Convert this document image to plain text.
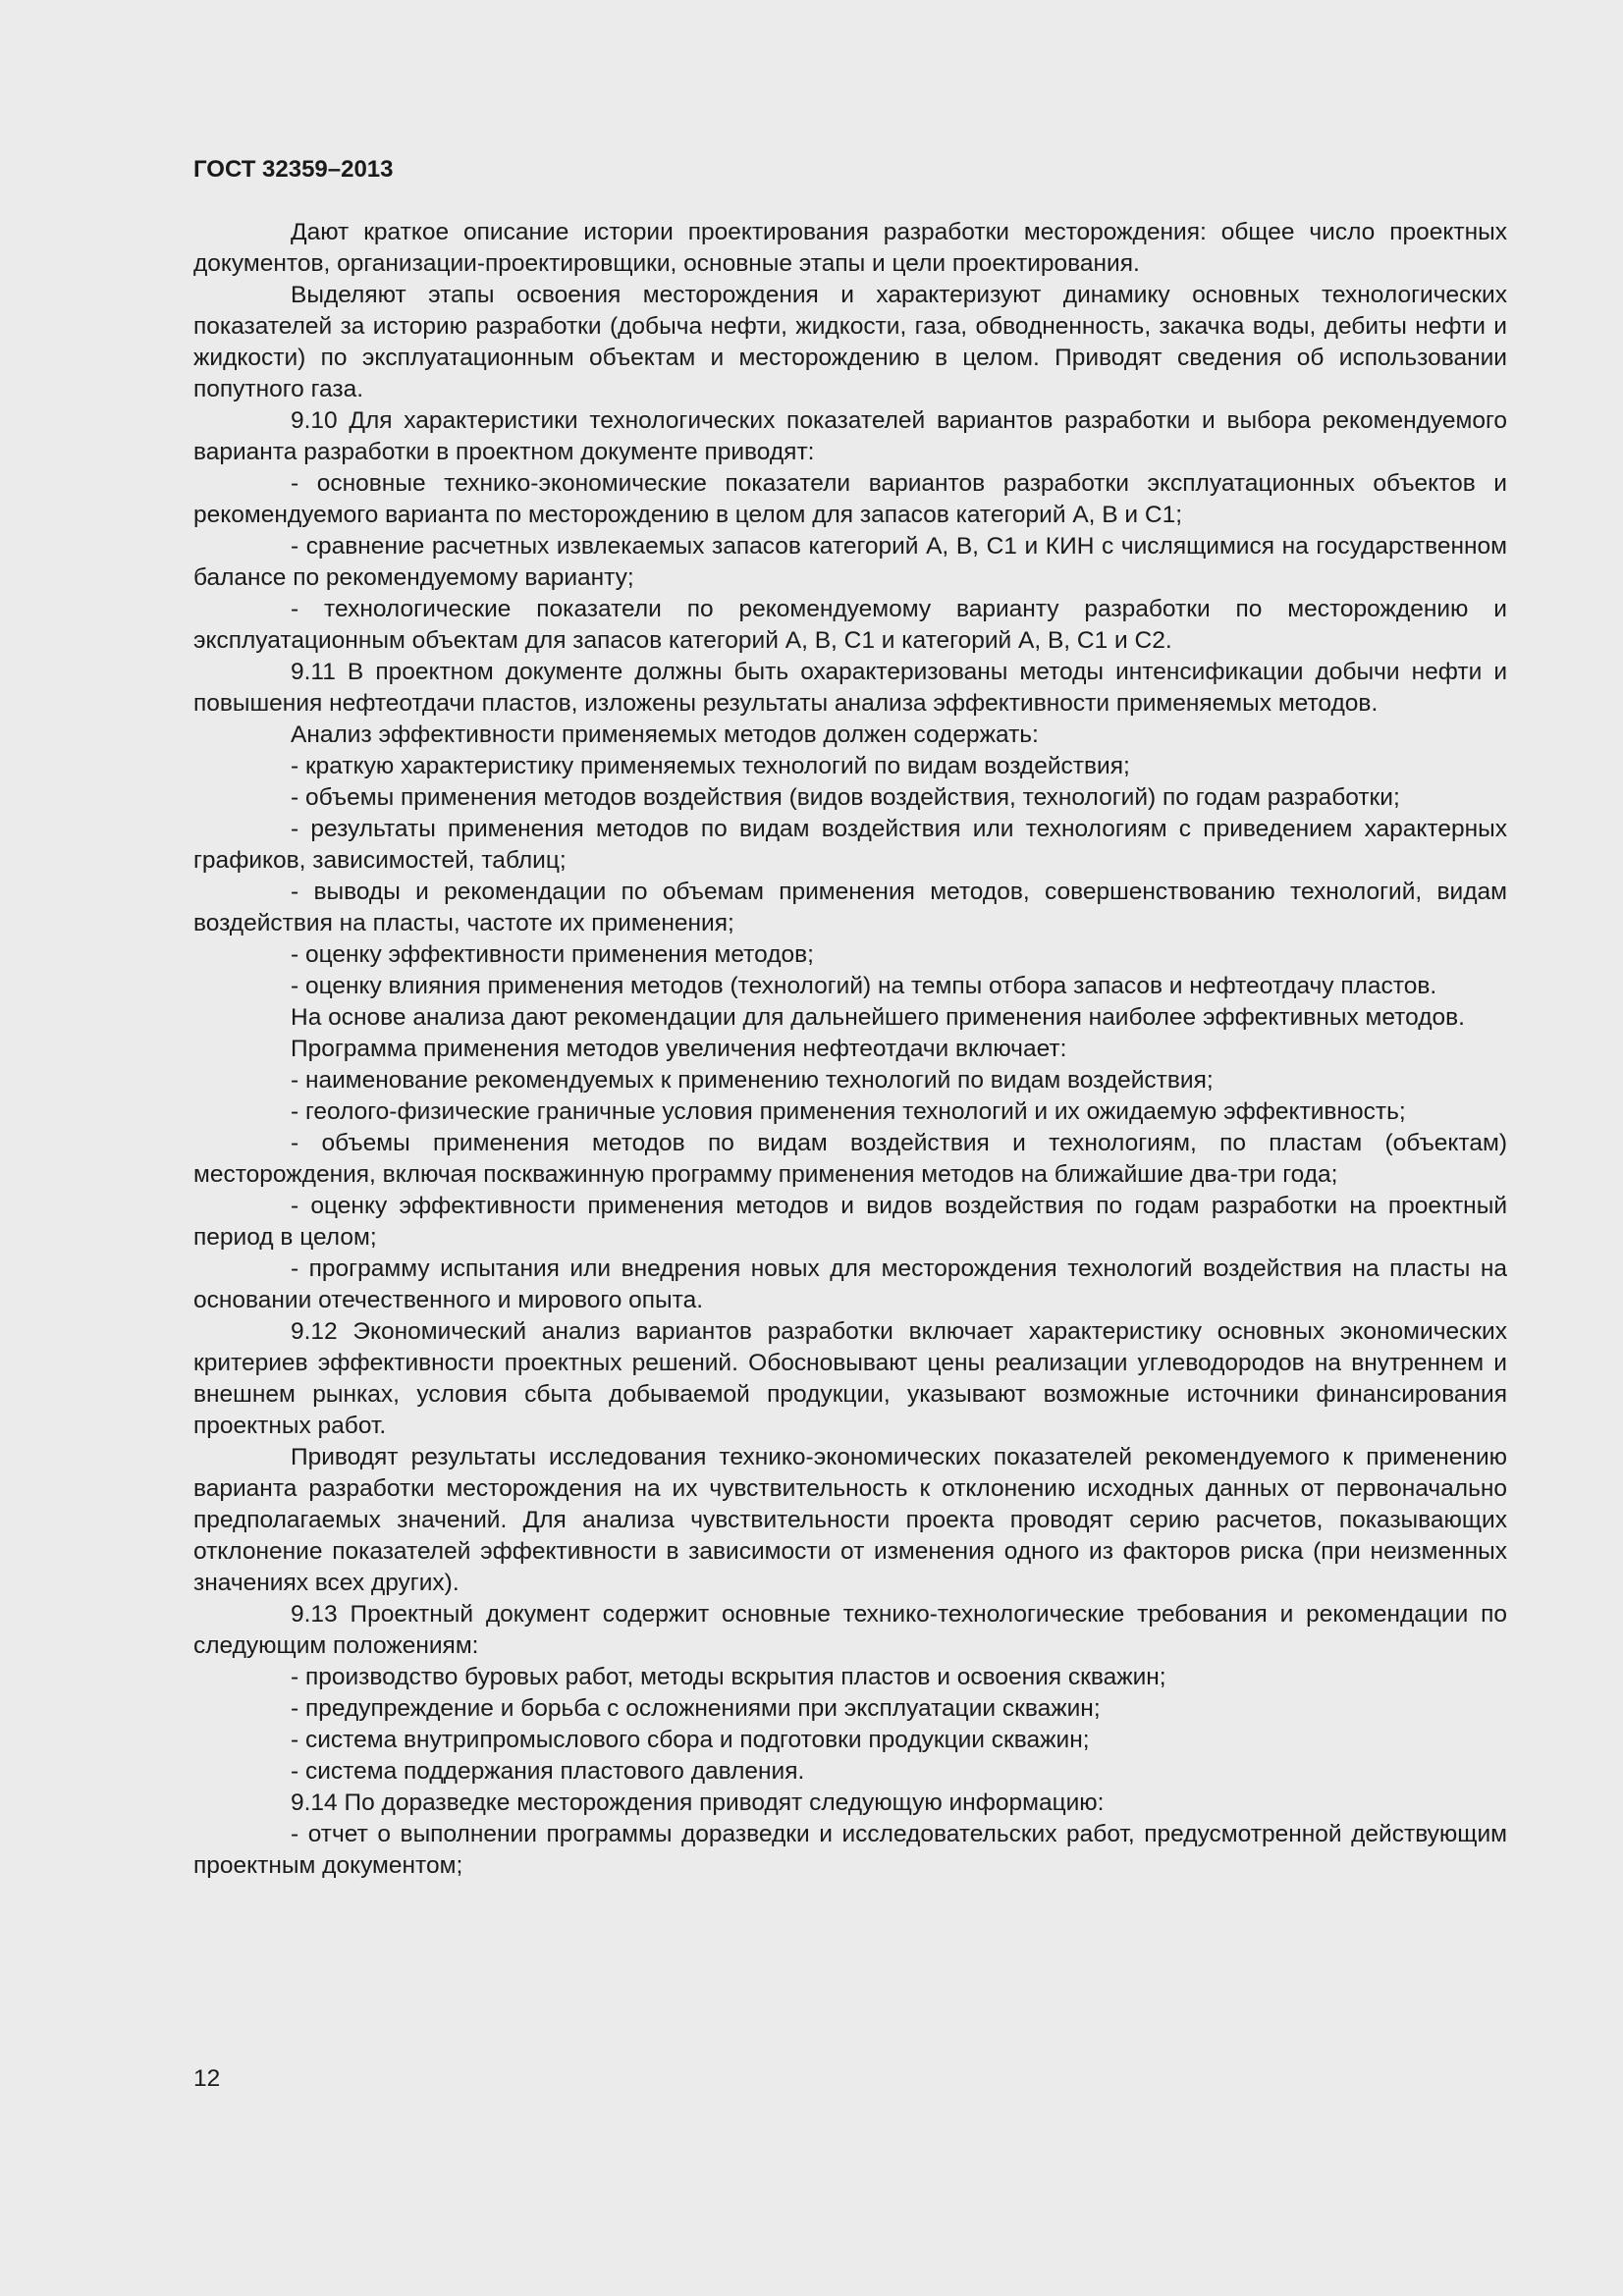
ГОСТ 32359–2013

Дают краткое описание истории проектирования разработки месторождения: общее число проектных документов, организации-проектировщики, основные этапы и цели проектирования.

Выделяют этапы освоения месторождения и характеризуют динамику основных технологических показателей за историю разработки (добыча нефти, жидкости, газа, обводненность, закачка воды, дебиты нефти и жидкости) по эксплуатационным объектам и месторождению в целом. Приводят сведения об использовании попутного газа.

9.10 Для характеристики технологических показателей вариантов разработки и выбора рекомендуемого варианта разработки в проектном документе приводят:

- основные технико-экономические показатели вариантов разработки эксплуатационных объектов и рекомендуемого варианта по месторождению в целом для запасов категорий А, В и С1;

- сравнение расчетных извлекаемых запасов категорий А, В, С1 и КИН с числящимися на государственном балансе по рекомендуемому варианту;

- технологические показатели по рекомендуемому варианту разработки по месторождению и эксплуатационным объектам для запасов категорий А, В, С1 и категорий А, В, С1 и С2.

9.11 В проектном документе должны быть охарактеризованы методы интенсификации добычи нефти и повышения нефтеотдачи пластов, изложены результаты анализа эффективности применяемых методов.

Анализ эффективности применяемых методов должен содержать:

- краткую характеристику применяемых технологий по видам воздействия;

- объемы применения методов воздействия (видов воздействия, технологий) по годам разработки;

- результаты применения методов по видам воздействия или технологиям с приведением характерных графиков, зависимостей, таблиц;

- выводы и рекомендации по объемам применения методов, совершенствованию технологий, видам воздействия на пласты, частоте их применения;

- оценку эффективности применения методов;

- оценку влияния применения методов (технологий) на темпы отбора запасов и нефтеотдачу пластов.

На основе анализа дают рекомендации для дальнейшего применения наиболее эффективных методов.

Программа применения методов увеличения нефтеотдачи включает:

- наименование рекомендуемых к применению технологий по видам воздействия;

- геолого-физические граничные условия применения технологий и их ожидаемую эффективность;

- объемы применения методов по видам воздействия и технологиям, по пластам (объектам) месторождения, включая поскважинную программу применения методов на ближайшие два-три года;

- оценку эффективности применения методов и видов воздействия по годам разработки на проектный период в целом;

- программу испытания или внедрения новых для месторождения технологий воздействия на пласты на основании отечественного и мирового опыта.

9.12 Экономический анализ вариантов разработки включает характеристику основных экономических критериев эффективности проектных решений. Обосновывают цены реализации углеводородов на внутреннем и внешнем рынках, условия сбыта добываемой продукции, указывают возможные источники финансирования проектных работ.

Приводят результаты исследования технико-экономических показателей рекомендуемого к применению варианта разработки месторождения на их чувствительность к отклонению исходных данных от первоначально предполагаемых значений. Для анализа чувствительности проекта проводят серию расчетов, показывающих отклонение показателей эффективности в зависимости от изменения одного из факторов риска (при неизменных значениях всех других).

9.13 Проектный документ содержит основные технико-технологические требования и рекомендации по следующим положениям:

- производство буровых работ, методы вскрытия пластов и освоения скважин;

- предупреждение и борьба с осложнениями при эксплуатации скважин;

- система внутрипромыслового сбора и подготовки продукции скважин;

- система поддержания пластового давления.

9.14 По доразведке месторождения приводят следующую информацию:

- отчет о выполнении программы доразведки и исследовательских работ, предусмотренной действующим проектным документом;

12
